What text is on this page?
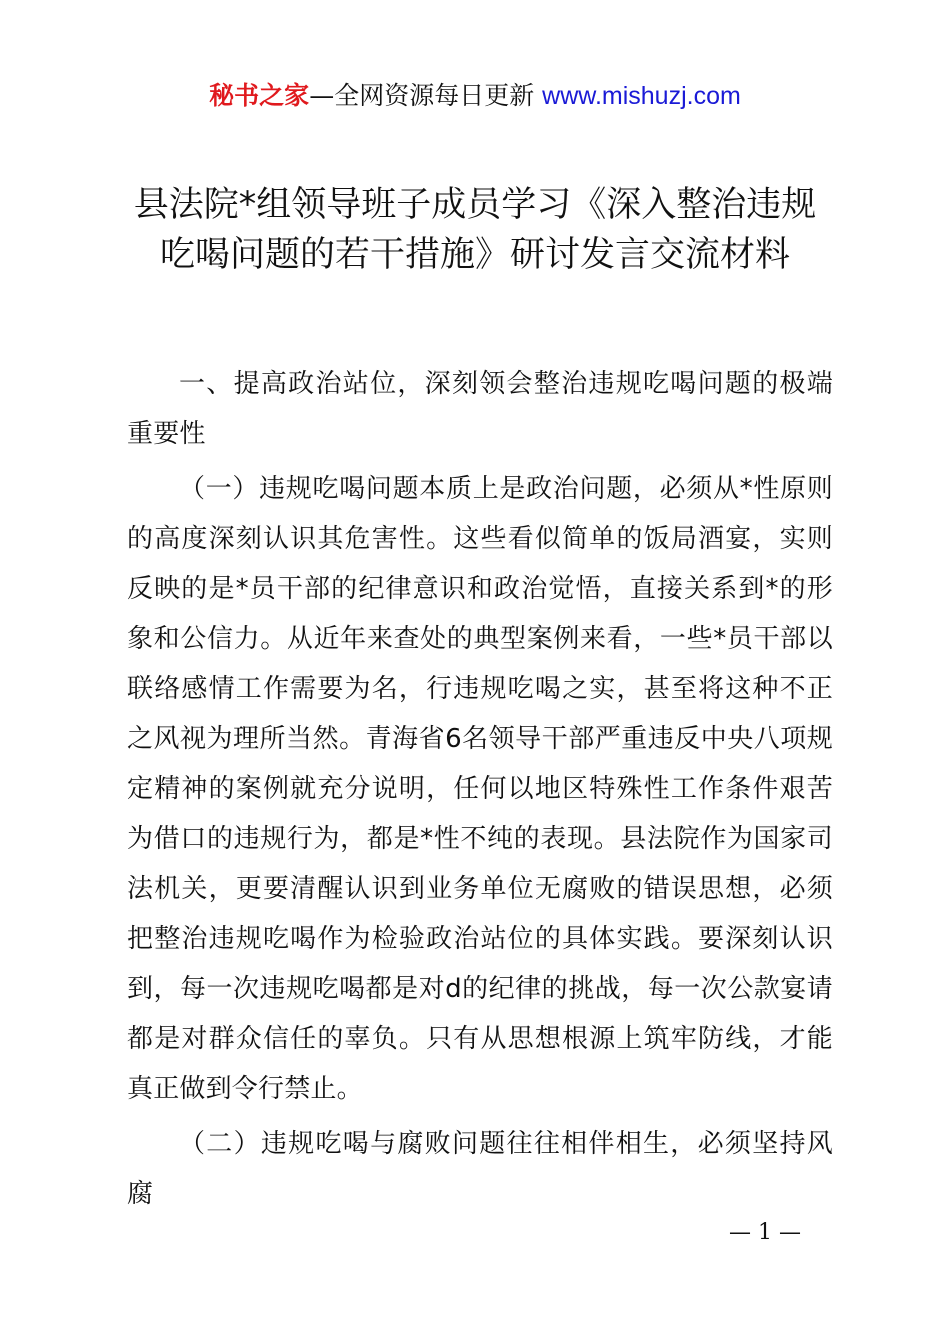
秘书之家—全网资源每日更新 www.mishuzj.com
县法院*组领导班子成员学习《深入整治违规
吃喝问题的若干措施》研讨发言交流材料

一、提高政治站位，深刻领会整治违规吃喝问题的极端重要性

（一）违规吃喝问题本质上是政治问题，必须从*性原则的高度深刻认识其危害性。这些看似简单的饭局酒宴，实则反映的是*员干部的纪律意识和政治觉悟，直接关系到*的形象和公信力。从近年来查处的典型案例来看，一些*员干部以联络感情工作需要为名，行违规吃喝之实，甚至将这种不正之风视为理所当然。青海省6名领导干部严重违反中央八项规定精神的案例就充分说明，任何以地区特殊性工作条件艰苦为借口的违规行为，都是*性不纯的表现。县法院作为国家司法机关，更要清醒认识到业务单位无腐败的错误思想，必须把整治违规吃喝作为检验政治站位的具体实践。要深刻认识到，每一次违规吃喝都是对d的纪律的挑战，每一次公款宴请都是对群众信任的辜负。只有从思想根源上筑牢防线，才能真正做到令行禁止。

（二）违规吃喝与腐败问题往往相伴相生，必须坚持风腐

— 1 —
